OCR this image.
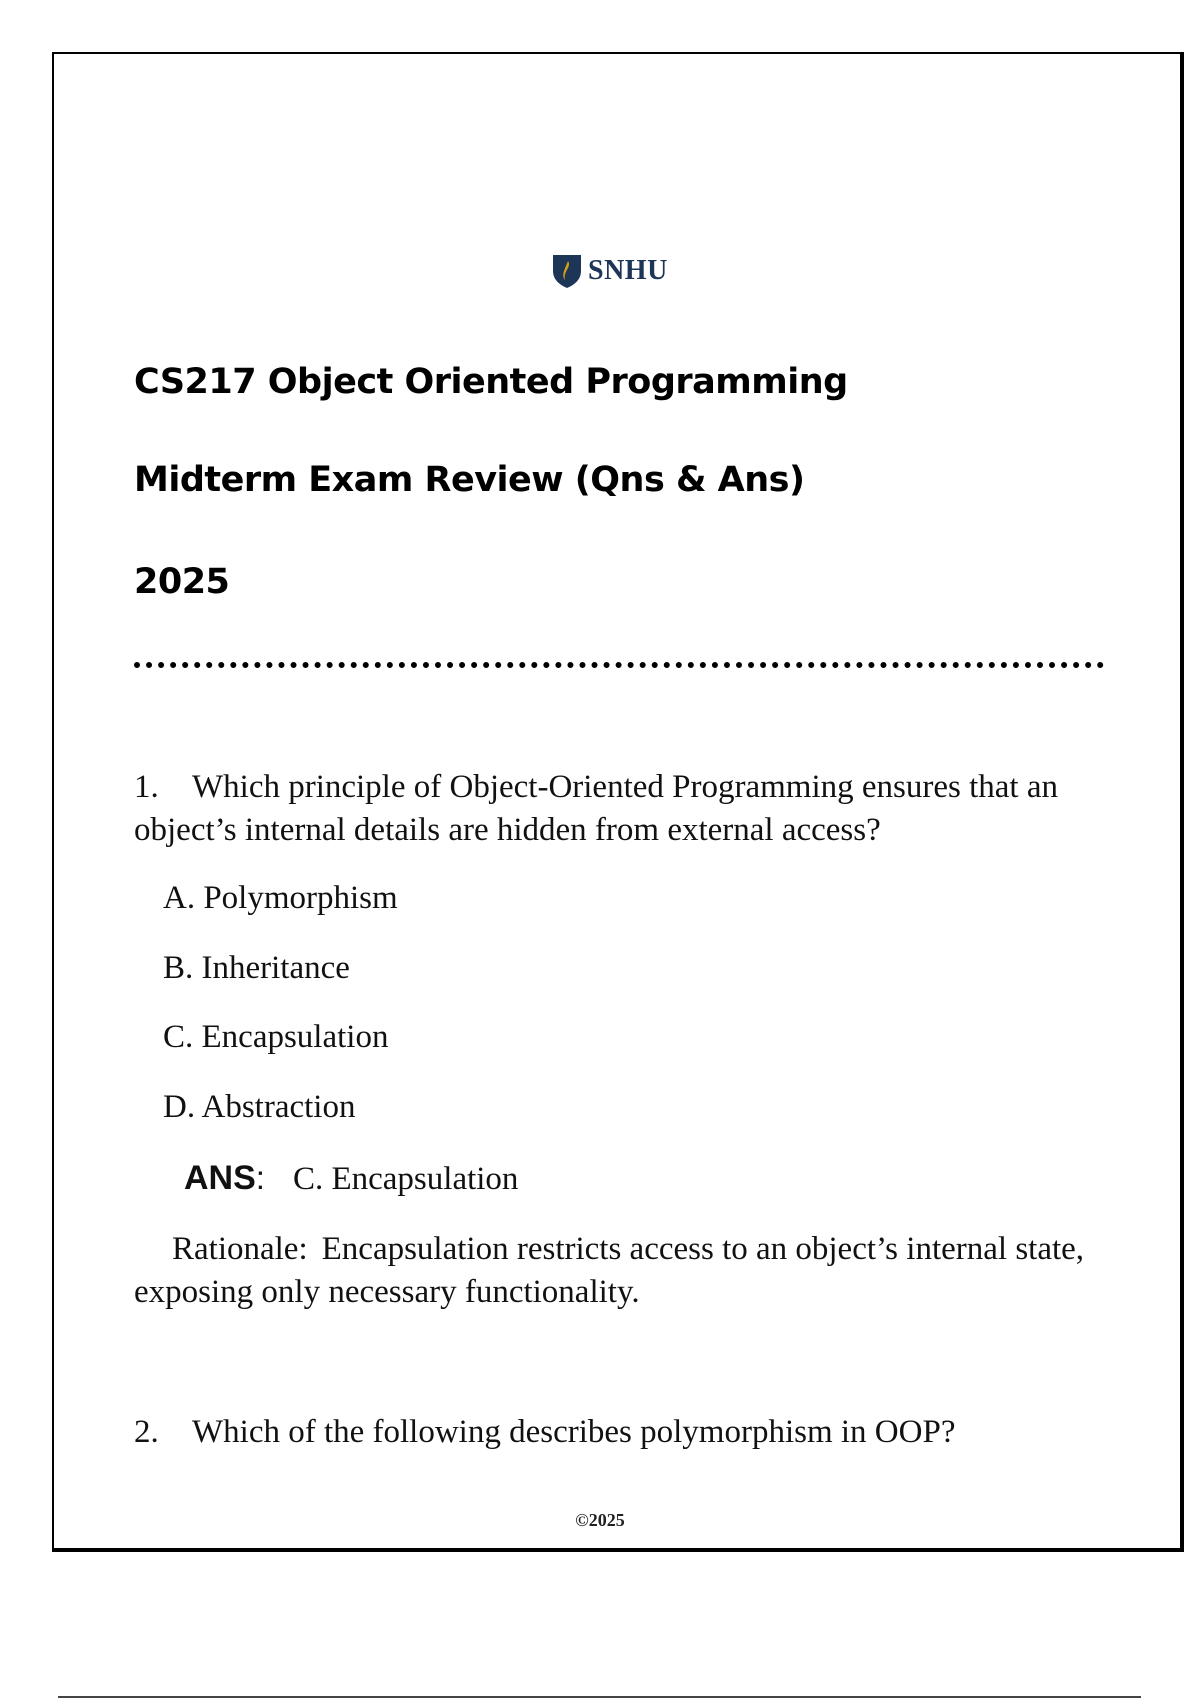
SNHU
CS217 Object Oriented Programming
Midterm Exam Review (Qns & Ans)
2025
1. Which principle of Object-Oriented Programming ensures that an object’s internal details are hidden from external access?
A. Polymorphism
B. Inheritance
C. Encapsulation
D. Abstraction
ANS: C. Encapsulation
Rationale: Encapsulation restricts access to an object’s internal state, exposing only necessary functionality.
2. Which of the following describes polymorphism in OOP?
©2025
